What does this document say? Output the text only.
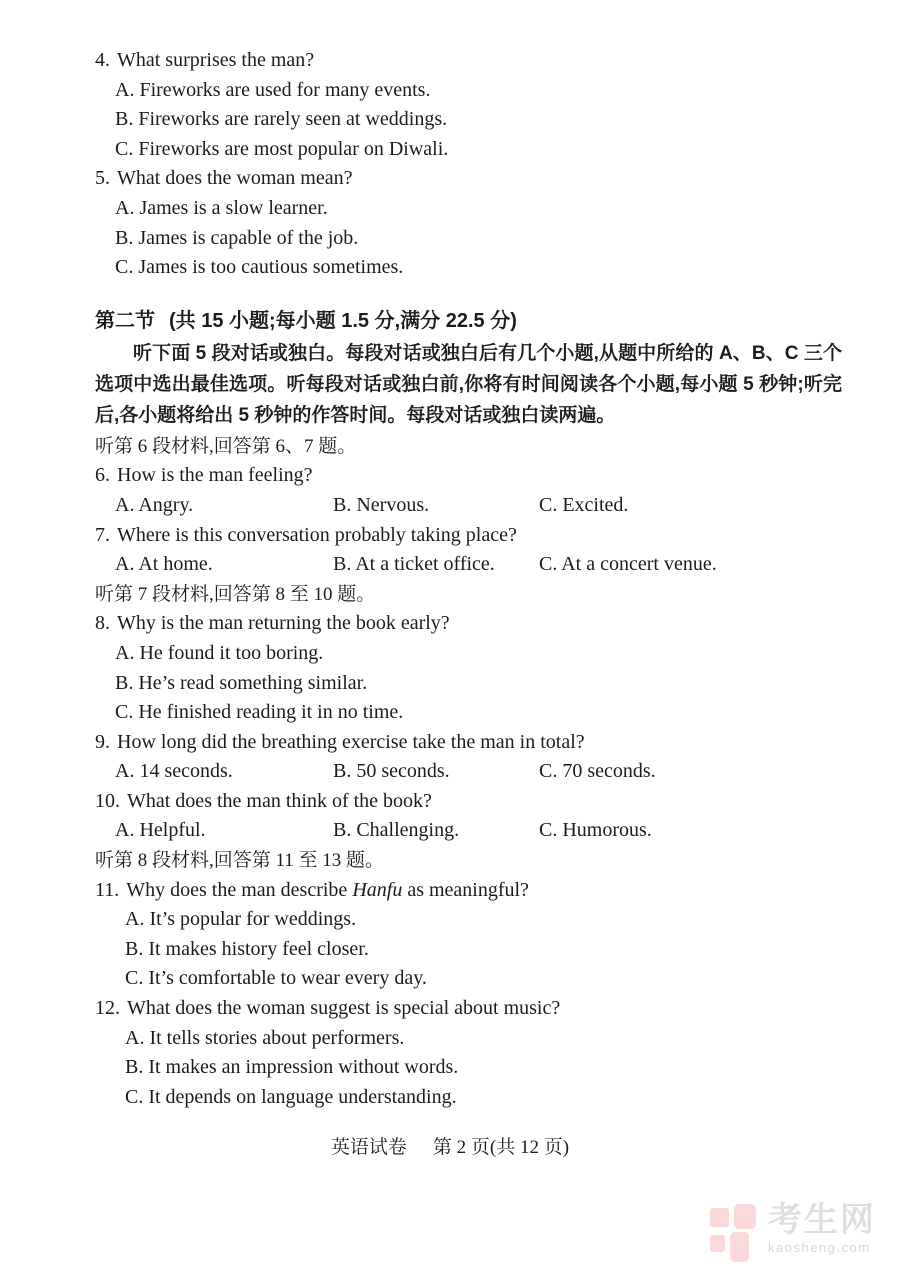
4. What surprises the man?
A. Fireworks are used for many events.
B. Fireworks are rarely seen at weddings.
C. Fireworks are most popular on Diwali.
5. What does the woman mean?
A. James is a slow learner.
B. James is capable of the job.
C. James is too cautious sometimes.
第二节 (共 15 小题;每小题 1.5 分,满分 22.5 分)
听下面 5 段对话或独白。每段对话或独白后有几个小题,从题中所给的 A、B、C 三个选项中选出最佳选项。听每段对话或独白前,你将有时间阅读各个小题,每小题 5 秒钟;听完后,各小题将给出 5 秒钟的作答时间。每段对话或独白读两遍。
听第 6 段材料,回答第 6、7 题。
6. How is the man feeling?
A. Angry.	B. Nervous.	C. Excited.
7. Where is this conversation probably taking place?
A. At home.	B. At a ticket office.	C. At a concert venue.
听第 7 段材料,回答第 8 至 10 题。
8. Why is the man returning the book early?
A. He found it too boring.
B. He’s read something similar.
C. He finished reading it in no time.
9. How long did the breathing exercise take the man in total?
A. 14 seconds.	B. 50 seconds.	C. 70 seconds.
10. What does the man think of the book?
A. Helpful.	B. Challenging.	C. Humorous.
听第 8 段材料,回答第 11 至 13 题。
11. Why does the man describe Hanfu as meaningful?
A. It’s popular for weddings.
B. It makes history feel closer.
C. It’s comfortable to wear every day.
12. What does the woman suggest is special about music?
A. It tells stories about performers.
B. It makes an impression without words.
C. It depends on language understanding.
英语试卷 第 2 页(共 12 页)
考生网
kaosheng.com
